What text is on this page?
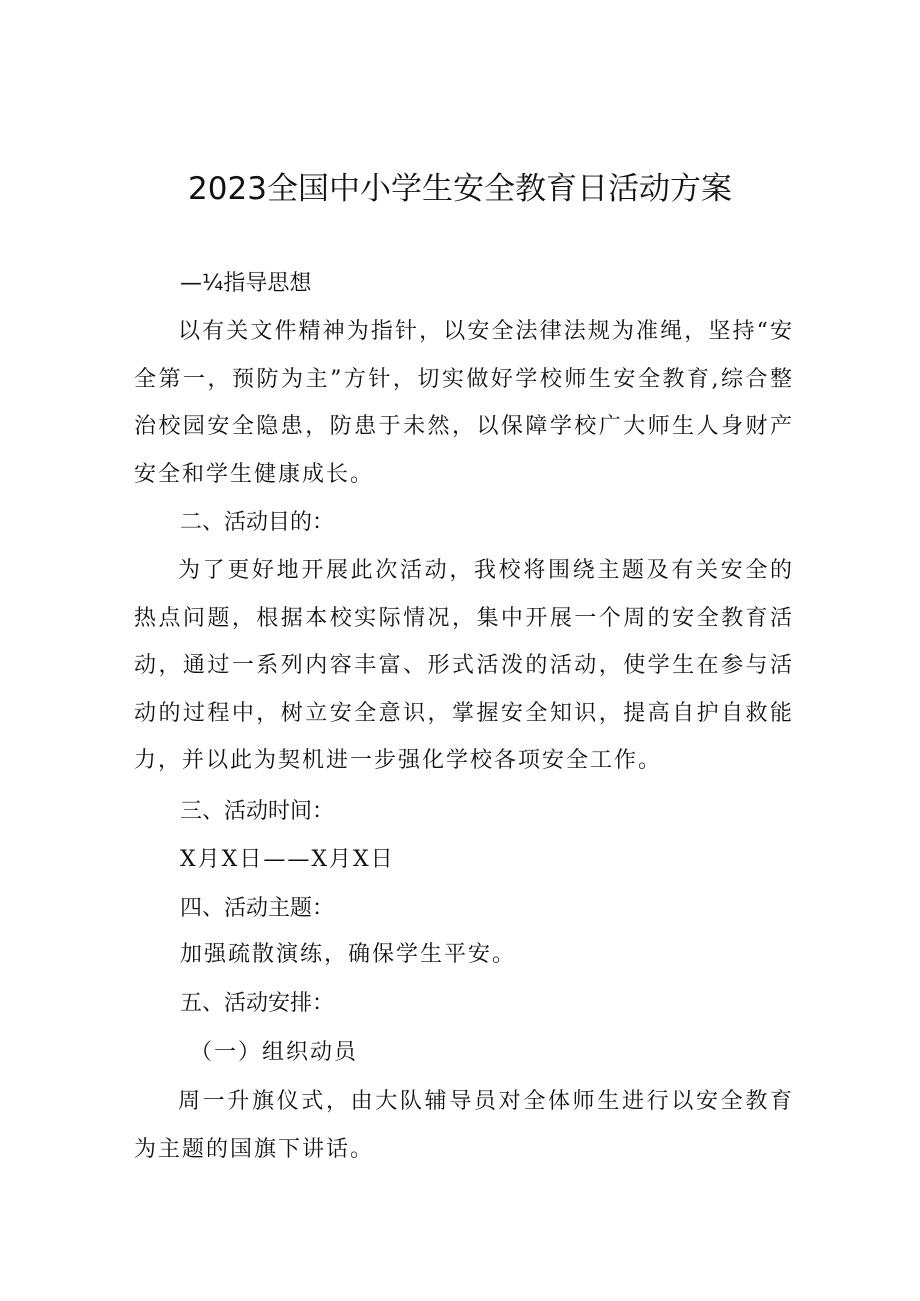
2023全国中小学生安全教育日活动方案
—¼指导思想

以有关文件精神为指针，以安全法律法规为准绳，坚持“安全第一，预防为主”方针，切实做好学校师生安全教育,综合整治校园安全隐患，防患于未然，以保障学校广大师生人身财产安全和学生健康成长。

二、活动目的：

为了更好地开展此次活动，我校将围绕主题及有关安全的热点问题，根据本校实际情况，集中开展一个周的安全教育活动，通过一系列内容丰富、形式活泼的活动，使学生在参与活动的过程中，树立安全意识，掌握安全知识，提高自护自救能力，并以此为契机进一步强化学校各项安全工作。

三、活动时间：

X月X日——X月X日

四、活动主题：

加强疏散演练，确保学生平安。

五、活动安排：

（一）组织动员

周一升旗仪式，由大队辅导员对全体师生进行以安全教育为主题的国旗下讲话。
